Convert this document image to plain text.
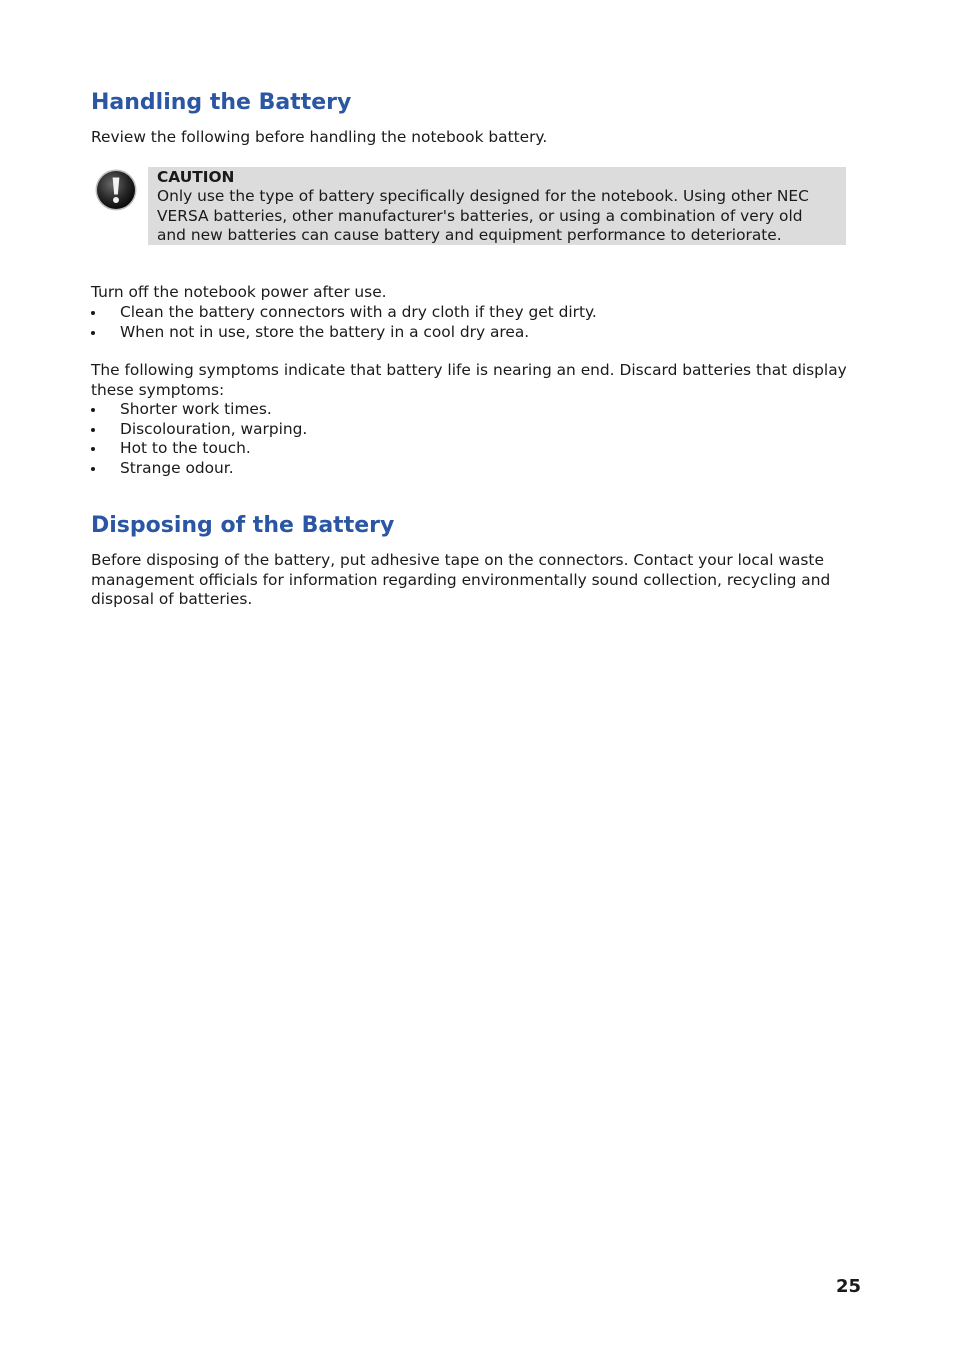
Handling the Battery

Review the following before handling the notebook battery.

CAUTION

Only use the type of battery specifically designed for the notebook. Using other NEC VERSA batteries, other manufacturer's batteries, or using a combination of very old and new batteries can cause battery and equipment performance to deteriorate.

Turn off the notebook power after use.

Clean the battery connectors with a dry cloth if they get dirty.
When not in use, store the battery in a cool dry area.

The following symptoms indicate that battery life is nearing an end. Discard batteries that display these symptoms:

Shorter work times.
Discolouration, warping.
Hot to the touch.
Strange odour.
Disposing of the Battery

Before disposing of the battery, put adhesive tape on the connectors. Contact your local waste management officials for information regarding environmentally sound collection, recycling and disposal of batteries.

25
